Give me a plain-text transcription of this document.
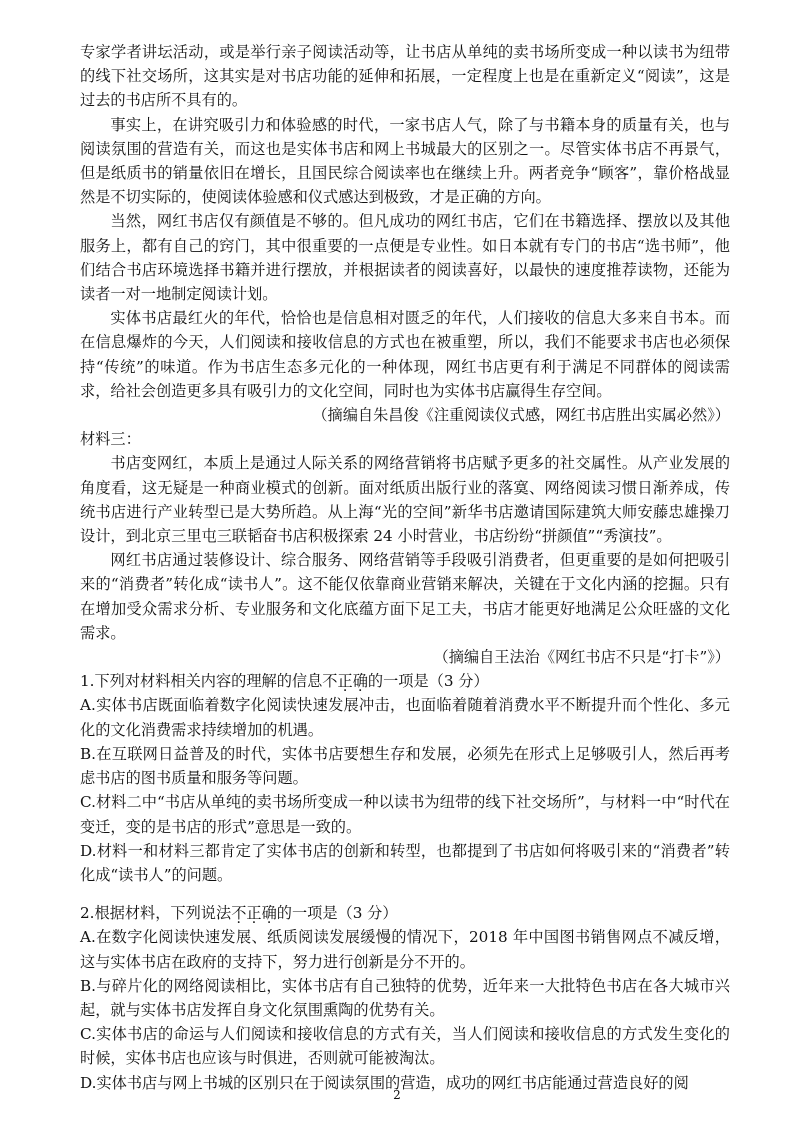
专家学者讲坛活动，或是举行亲子阅读活动等，让书店从单纯的卖书场所变成一种以读书为纽带的线下社交场所，这其实是对书店功能的延伸和拓展，一定程度上也是在重新定义“阅读”，这是过去的书店所不具有的。

事实上，在讲究吸引力和体验感的时代，一家书店人气，除了与书籍本身的质量有关，也与阅读氛围的营造有关，而这也是实体书店和网上书城最大的区别之一。尽管实体书店不再景气，但是纸质书的销量依旧在增长，且国民综合阅读率也在继续上升。两者竞争“顾客”，靠价格战显然是不切实际的，使阅读体验感和仪式感达到极致，才是正确的方向。

当然，网红书店仅有颜值是不够的。但凡成功的网红书店，它们在书籍选择、摆放以及其他服务上，都有自己的窍门，其中很重要的一点便是专业性。如日本就有专门的书店“选书师”，他们结合书店环境选择书籍并进行摆放，并根据读者的阅读喜好，以最快的速度推荐读物，还能为读者一对一地制定阅读计划。

实体书店最红火的年代，恰恰也是信息相对匮乏的年代，人们接收的信息大多来自书本。而在信息爆炸的今天，人们阅读和接收信息的方式也在被重塑，所以，我们不能要求书店也必须保持“传统”的味道。作为书店生态多元化的一种体现，网红书店更有利于满足不同群体的阅读需求，给社会创造更多具有吸引力的文化空间，同时也为实体书店赢得生存空间。

（摘编自朱昌俊《注重阅读仪式感，网红书店胜出实属必然》）

材料三：

书店变网红，本质上是通过人际关系的网络营销将书店赋予更多的社交属性。从产业发展的角度看，这无疑是一种商业模式的创新。面对纸质出版行业的落寞、网络阅读习惯日渐养成，传统书店进行产业转型已是大势所趋。从上海“光的空间”新华书店邀请国际建筑大师安藤忠雄操刀设计，到北京三里屯三联韬奋书店积极探索 24 小时营业，书店纷纷“拼颜值”“秀演技”。

网红书店通过装修设计、综合服务、网络营销等手段吸引消费者，但更重要的是如何把吸引来的“消费者”转化成“读书人”。这不能仅依靠商业营销来解决，关键在于文化内涵的挖掘。只有在增加受众需求分析、专业服务和文化底蕴方面下足工夫，书店才能更好地满足公众旺盛的文化需求。

（摘编自王法治《网红书店不只是“打卡”》）

1.下列对材料相关内容的理解的信息不正确的一项是（3 分）

A.实体书店既面临着数字化阅读快速发展冲击，也面临着随着消费水平不断提升而个性化、多元化的文化消费需求持续增加的机遇。

B.在互联网日益普及的时代，实体书店要想生存和发展，必须先在形式上足够吸引人，然后再考虑书店的图书质量和服务等问题。

C.材料二中“书店从单纯的卖书场所变成一种以读书为纽带的线下社交场所”，与材料一中“时代在变迁，变的是书店的形式”意思是一致的。

D.材料一和材料三都肯定了实体书店的创新和转型，也都提到了书店如何将吸引来的“消费者”转化成“读书人”的问题。

2.根据材料，下列说法不正确的一项是（3 分）

A.在数字化阅读快速发展、纸质阅读发展缓慢的情况下，2018 年中国图书销售网点不减反增，这与实体书店在政府的支持下，努力进行创新是分不开的。

B.与碎片化的网络阅读相比，实体书店有自己独特的优势，近年来一大批特色书店在各大城市兴起，就与实体书店发挥自身文化氛围熏陶的优势有关。

C.实体书店的命运与人们阅读和接收信息的方式有关，当人们阅读和接收信息的方式发生变化的时候，实体书店也应该与时俱进，否则就可能被淘汰。

D.实体书店与网上书城的区别只在于阅读氛围的营造，成功的网红书店能通过营造良好的阅

2
